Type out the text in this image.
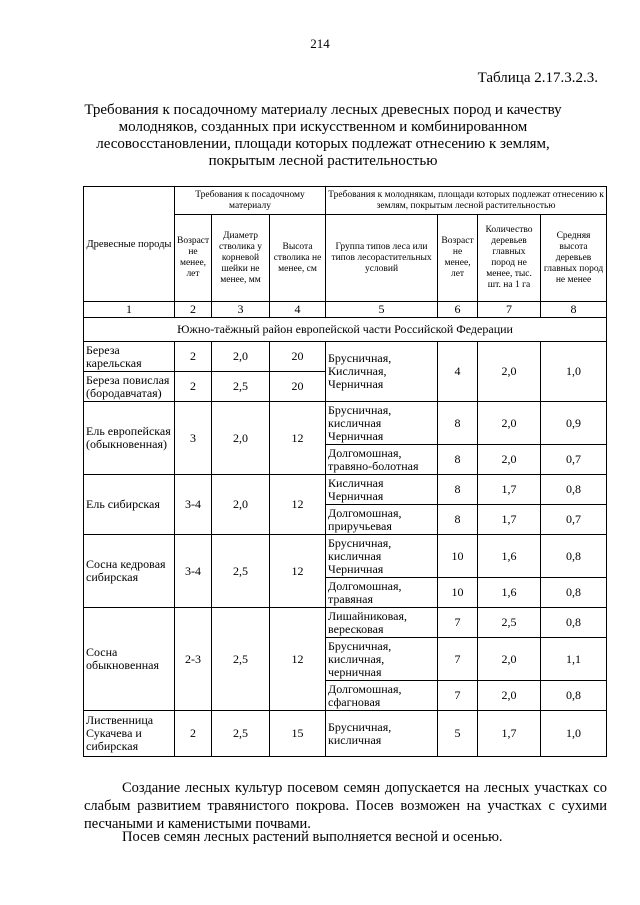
214
Таблица 2.17.3.2.3.
Требования к посадочному материалу лесных древесных пород и качеству молодняков, созданных при искусственном и комбинированном лесовосстановлении, площади которых подлежат отнесению к землям, покрытым лесной растительностью
Древесные породы	Требования к посадочному материалу			Требования к молоднякам, площади которых подлежат отнесению к землям, покрытым лесной растительностью			
	Возраст не менее, лет	Диаметр стволика у корневой шейки не менее, мм	Высота стволика не менее, см	Группа типов леса или типов лесорастительных условий	Возраст не менее, лет	Количество деревьев главных пород не менее, тыс. шт. на 1 га	Средняя высота деревьев главных пород не менее
1	2	3	4	5	6	7	8
Южно-таёжный район европейской части Российской Федерации							
Береза карельская	2	2,0	20	Брусничная, Кисличная, Черничная	4	2,0	1,0
Береза повислая (бородавчатая)	2	2,5	20				
Ель европейская (обыкновенная)	3	2,0	12	Брусничная, кисличная Черничная	8	2,0	0,9
				Долгомошная, травяно-болотная	8	2,0	0,7
Ель сибирская	3-4	2,0	12	Кисличная Черничная	8	1,7	0,8
				Долгомошная, приручьевая	8	1,7	0,7
Сосна кедровая сибирская	3-4	2,5	12	Брусничная, кисличная Черничная	10	1,6	0,8
				Долгомошная, травяная	10	1,6	0,8
Сосна обыкновенная	2-3	2,5	12	Лишайниковая, вересковая	7	2,5	0,8
				Брусничная, кисличная, черничная	7	2,0	1,1
				Долгомошная, сфагновая	7	2,0	0,8
Лиственница Сукачева и сибирская	2	2,5	15	Брусничная, кисличная	5	1,7	1,0
Создание лесных культур посевом семян допускается на лесных участках со слабым развитием травянистого покрова. Посев возможен на участках с сухими песчаными и каменистыми почвами.
Посев семян лесных растений выполняется весной и осенью.
